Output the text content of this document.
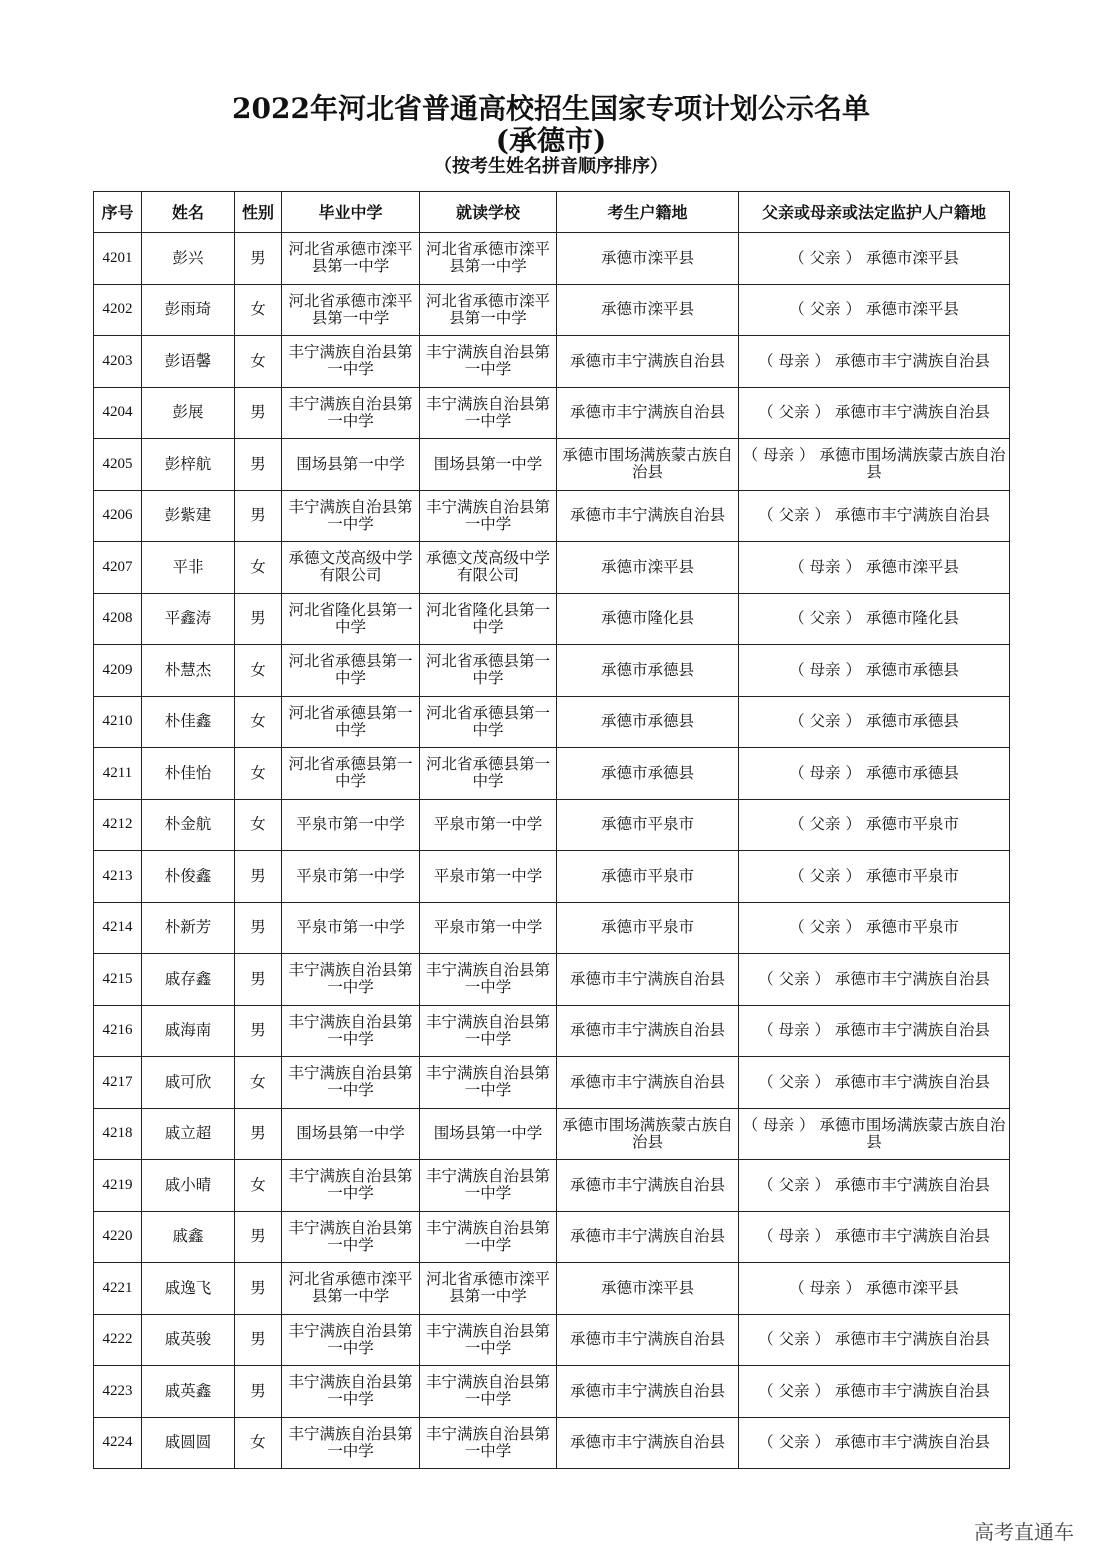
2022年河北省普通高校招生国家专项计划公示名单
(承德市)
（按考生姓名拼音顺序排序）
序号	姓名	性别	毕业中学	就读学校	考生户籍地	父亲或母亲或法定监护人户籍地
4201	彭兴	男	河北省承德市滦平县第一中学	河北省承德市滦平县第一中学	承德市滦平县	（ 父亲 ） 承德市滦平县
4202	彭雨琦	女	河北省承德市滦平县第一中学	河北省承德市滦平县第一中学	承德市滦平县	（ 父亲 ） 承德市滦平县
4203	彭语馨	女	丰宁满族自治县第一中学	丰宁满族自治县第一中学	承德市丰宁满族自治县	（ 母亲 ） 承德市丰宁满族自治县
4204	彭展	男	丰宁满族自治县第一中学	丰宁满族自治县第一中学	承德市丰宁满族自治县	（ 父亲 ） 承德市丰宁满族自治县
4205	彭梓航	男	围场县第一中学	围场县第一中学	承德市围场满族蒙古族自治县	（ 母亲 ） 承德市围场满族蒙古族自治县
4206	彭紫建	男	丰宁满族自治县第一中学	丰宁满族自治县第一中学	承德市丰宁满族自治县	（ 父亲 ） 承德市丰宁满族自治县
4207	平非	女	承德文茂高级中学有限公司	承德文茂高级中学有限公司	承德市滦平县	（ 母亲 ） 承德市滦平县
4208	平鑫涛	男	河北省隆化县第一中学	河北省隆化县第一中学	承德市隆化县	（ 父亲 ） 承德市隆化县
4209	朴慧杰	女	河北省承德县第一中学	河北省承德县第一中学	承德市承德县	（ 母亲 ） 承德市承德县
4210	朴佳鑫	女	河北省承德县第一中学	河北省承德县第一中学	承德市承德县	（ 父亲 ） 承德市承德县
4211	朴佳怡	女	河北省承德县第一中学	河北省承德县第一中学	承德市承德县	（ 母亲 ） 承德市承德县
4212	朴金航	女	平泉市第一中学	平泉市第一中学	承德市平泉市	（ 父亲 ） 承德市平泉市
4213	朴俊鑫	男	平泉市第一中学	平泉市第一中学	承德市平泉市	（ 父亲 ） 承德市平泉市
4214	朴新芳	男	平泉市第一中学	平泉市第一中学	承德市平泉市	（ 父亲 ） 承德市平泉市
4215	戚存鑫	男	丰宁满族自治县第一中学	丰宁满族自治县第一中学	承德市丰宁满族自治县	（ 父亲 ） 承德市丰宁满族自治县
4216	戚海南	男	丰宁满族自治县第一中学	丰宁满族自治县第一中学	承德市丰宁满族自治县	（ 母亲 ） 承德市丰宁满族自治县
4217	戚可欣	女	丰宁满族自治县第一中学	丰宁满族自治县第一中学	承德市丰宁满族自治县	（ 父亲 ） 承德市丰宁满族自治县
4218	戚立超	男	围场县第一中学	围场县第一中学	承德市围场满族蒙古族自治县	（ 母亲 ） 承德市围场满族蒙古族自治县
4219	戚小晴	女	丰宁满族自治县第一中学	丰宁满族自治县第一中学	承德市丰宁满族自治县	（ 父亲 ） 承德市丰宁满族自治县
4220	戚鑫	男	丰宁满族自治县第一中学	丰宁满族自治县第一中学	承德市丰宁满族自治县	（ 母亲 ） 承德市丰宁满族自治县
4221	戚逸飞	男	河北省承德市滦平县第一中学	河北省承德市滦平县第一中学	承德市滦平县	（ 母亲 ） 承德市滦平县
4222	戚英骏	男	丰宁满族自治县第一中学	丰宁满族自治县第一中学	承德市丰宁满族自治县	（ 父亲 ） 承德市丰宁满族自治县
4223	戚英鑫	男	丰宁满族自治县第一中学	丰宁满族自治县第一中学	承德市丰宁满族自治县	（ 父亲 ） 承德市丰宁满族自治县
4224	戚圆圆	女	丰宁满族自治县第一中学	丰宁满族自治县第一中学	承德市丰宁满族自治县	（ 父亲 ） 承德市丰宁满族自治县
高考直通车
